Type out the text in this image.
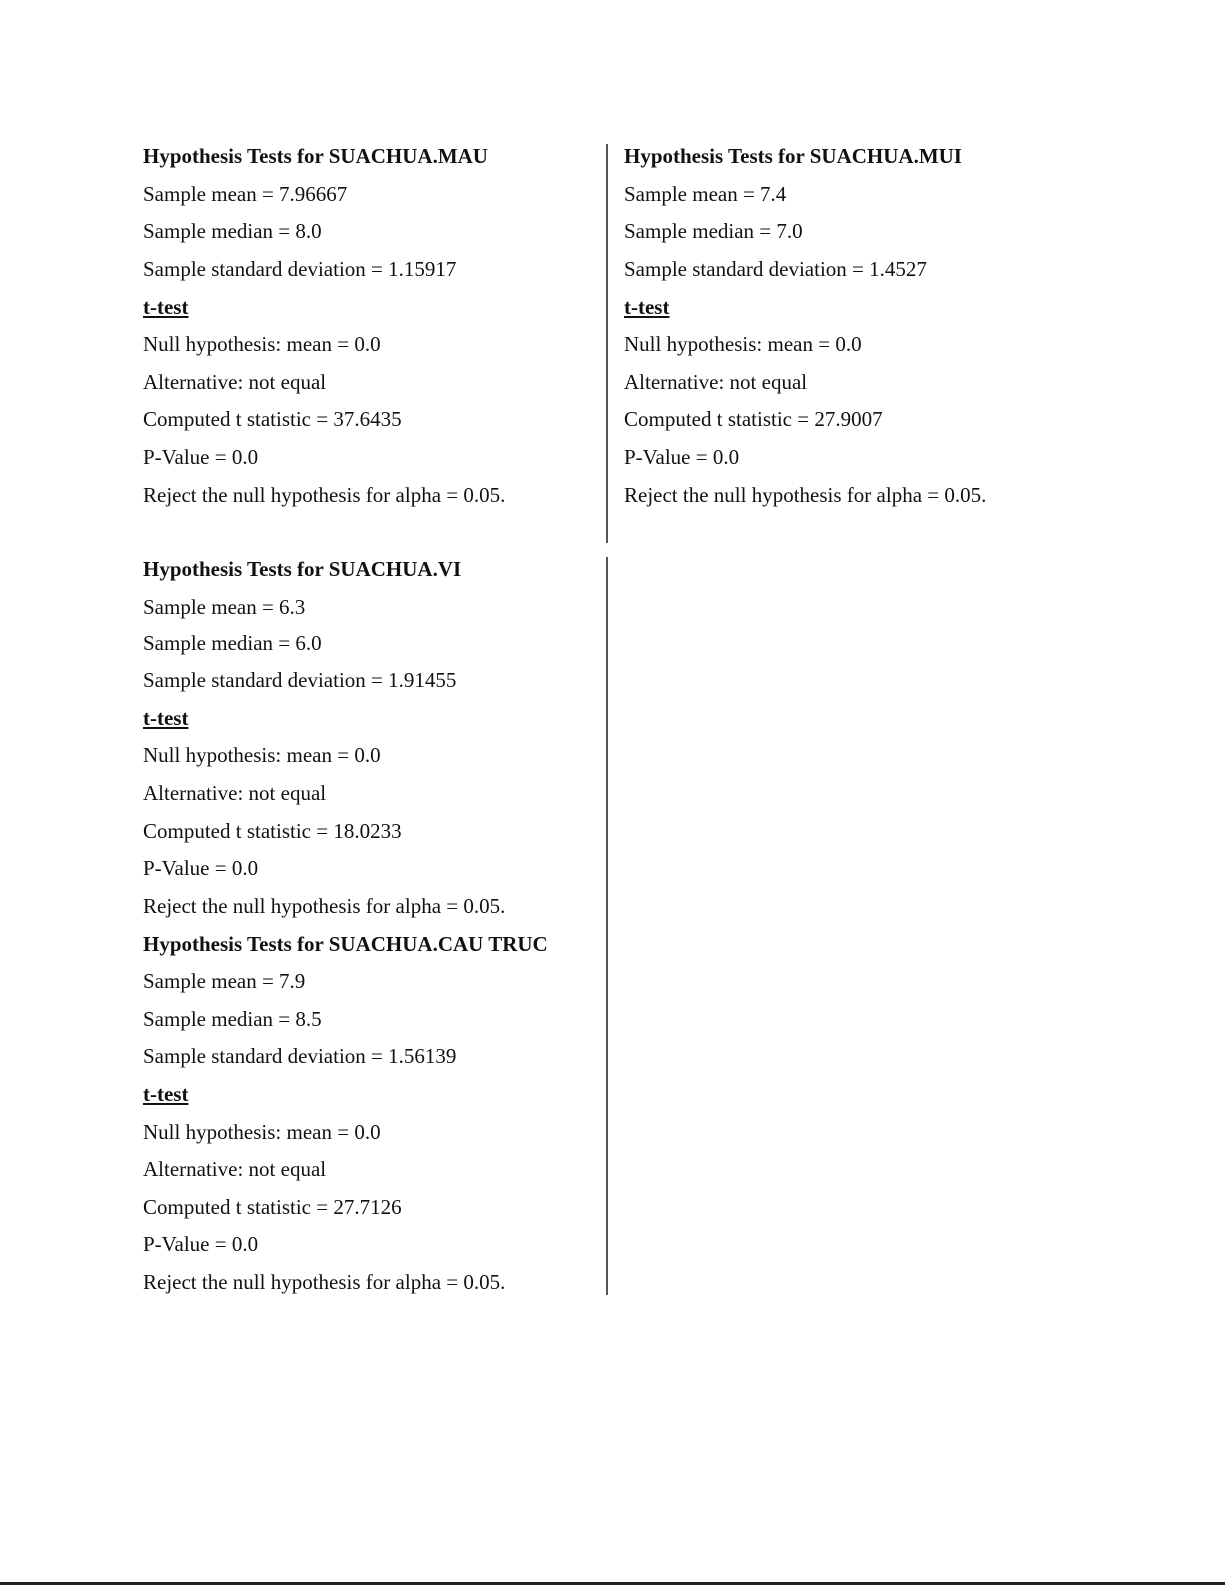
Hypothesis Tests for SUACHUA.MAU
Sample mean = 7.96667
Sample median = 8.0
Sample standard deviation = 1.15917
t-test
Null hypothesis: mean = 0.0
Alternative: not equal
Computed t statistic = 37.6435
P-Value = 0.0
Reject the null hypothesis for alpha = 0.05.
Hypothesis Tests for SUACHUA.MUI
Sample mean = 7.4
Sample median = 7.0
Sample standard deviation = 1.4527
t-test
Null hypothesis: mean = 0.0
Alternative: not equal
Computed t statistic = 27.9007
P-Value = 0.0
Reject the null hypothesis for alpha = 0.05.
Hypothesis Tests for SUACHUA.VI
Sample mean = 6.3
Sample median = 6.0
Sample standard deviation = 1.91455
t-test
Null hypothesis: mean = 0.0
Alternative: not equal
Computed t statistic = 18.0233
P-Value = 0.0
Reject the null hypothesis for alpha = 0.05.
Hypothesis Tests for SUACHUA.CAU TRUC
Sample mean = 7.9
Sample median = 8.5
Sample standard deviation = 1.56139
t-test
Null hypothesis: mean = 0.0
Alternative: not equal
Computed t statistic = 27.7126
P-Value = 0.0
Reject the null hypothesis for alpha = 0.05.
